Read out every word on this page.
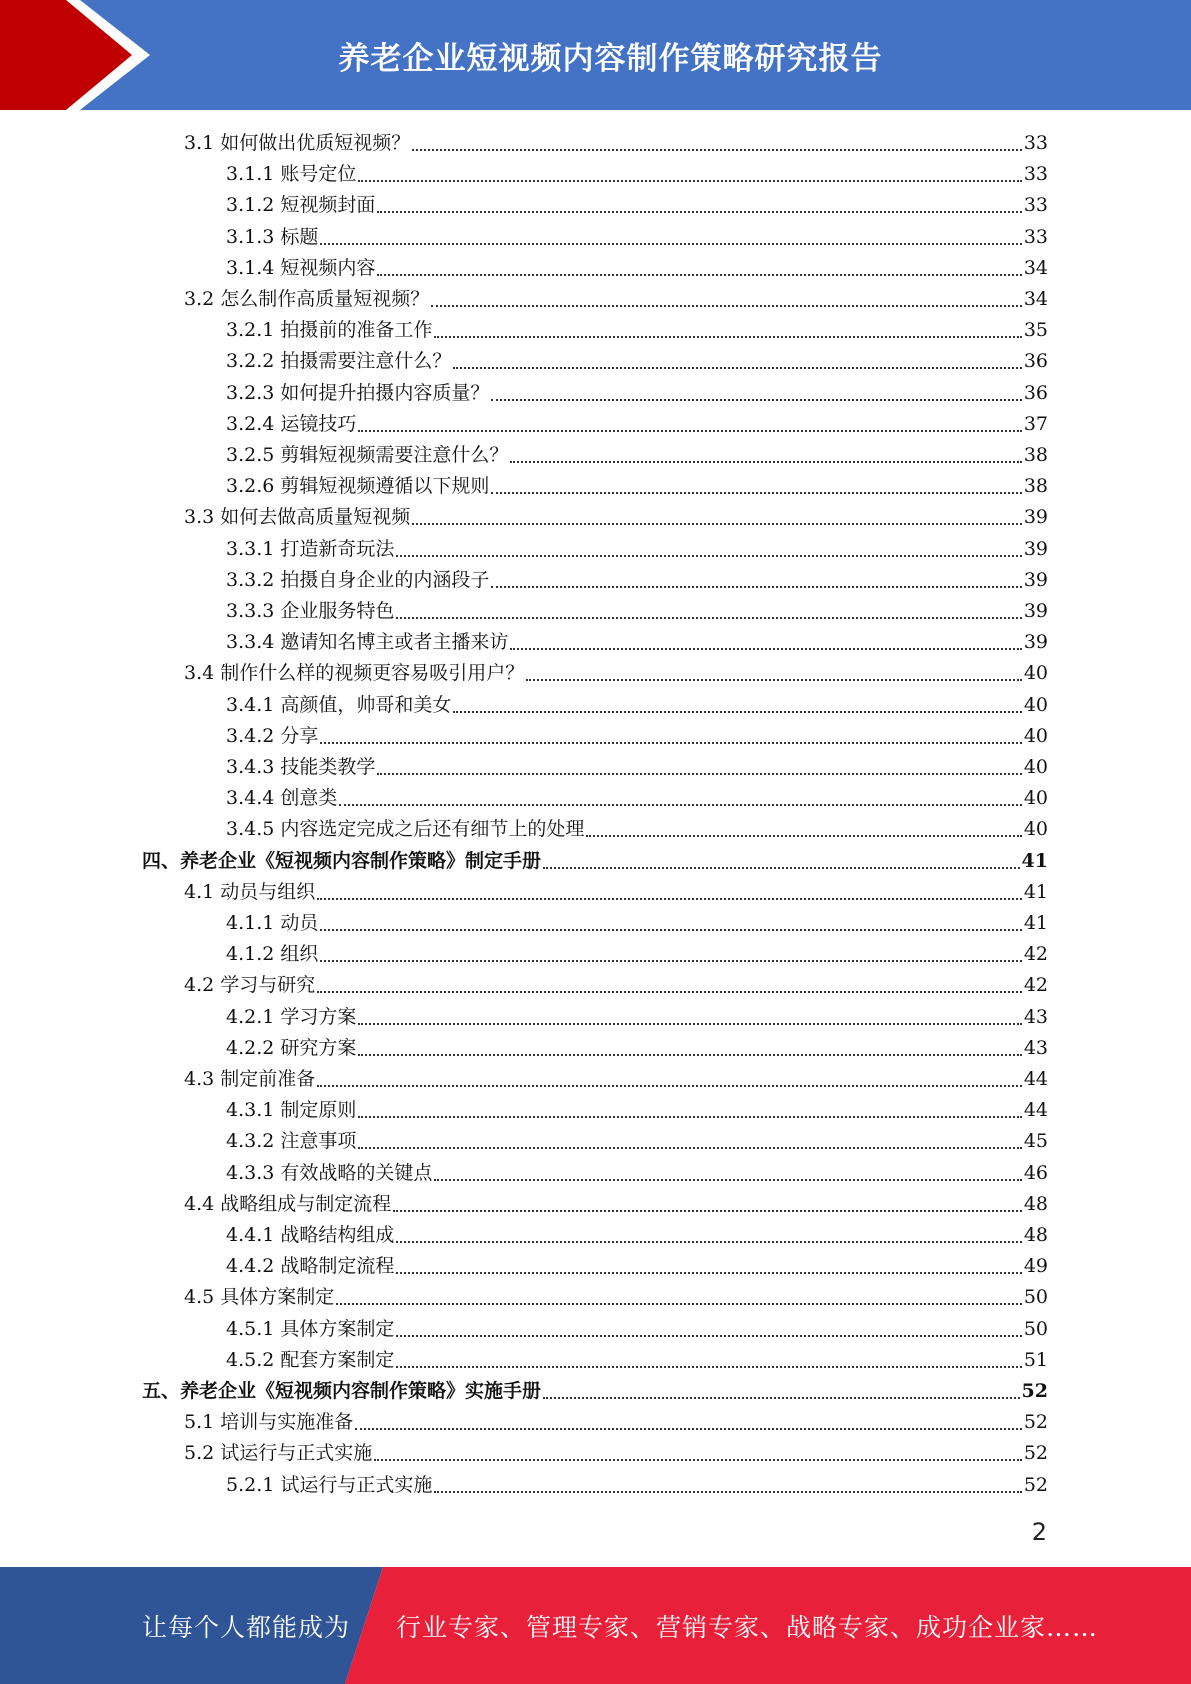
养老企业短视频内容制作策略研究报告
3.1 如何做出优质短视频？	33
3.1.1 账号定位	33
3.1.2 短视频封面	33
3.1.3 标题	33
3.1.4 短视频内容	34
3.2 怎么制作高质量短视频？	34
3.2.1 拍摄前的准备工作	35
3.2.2 拍摄需要注意什么？	36
3.2.3 如何提升拍摄内容质量？	36
3.2.4 运镜技巧	37
3.2.5 剪辑短视频需要注意什么？	38
3.2.6 剪辑短视频遵循以下规则	38
3.3 如何去做高质量短视频	39
3.3.1 打造新奇玩法	39
3.3.2 拍摄自身企业的内涵段子	39
3.3.3 企业服务特色	39
3.3.4 邀请知名博主或者主播来访	39
3.4 制作什么样的视频更容易吸引用户？	40
3.4.1 高颜值，帅哥和美女	40
3.4.2 分享	40
3.4.3 技能类教学	40
3.4.4 创意类	40
3.4.5 内容选定完成之后还有细节上的处理	40
四、养老企业《短视频内容制作策略》制定手册	41
4.1 动员与组织	41
4.1.1 动员	41
4.1.2 组织	42
4.2 学习与研究	42
4.2.1 学习方案	43
4.2.2 研究方案	43
4.3 制定前准备	44
4.3.1 制定原则	44
4.3.2 注意事项	45
4.3.3 有效战略的关键点	46
4.4 战略组成与制定流程	48
4.4.1 战略结构组成	48
4.4.2 战略制定流程	49
4.5 具体方案制定	50
4.5.1 具体方案制定	50
4.5.2 配套方案制定	51
五、养老企业《短视频内容制作策略》实施手册	52
5.1 培训与实施准备	52
5.2 试运行与正式实施	52
5.2.1 试运行与正式实施	52
2
让每个人都能成为 行业专家、管理专家、营销专家、战略专家、成功企业家……
